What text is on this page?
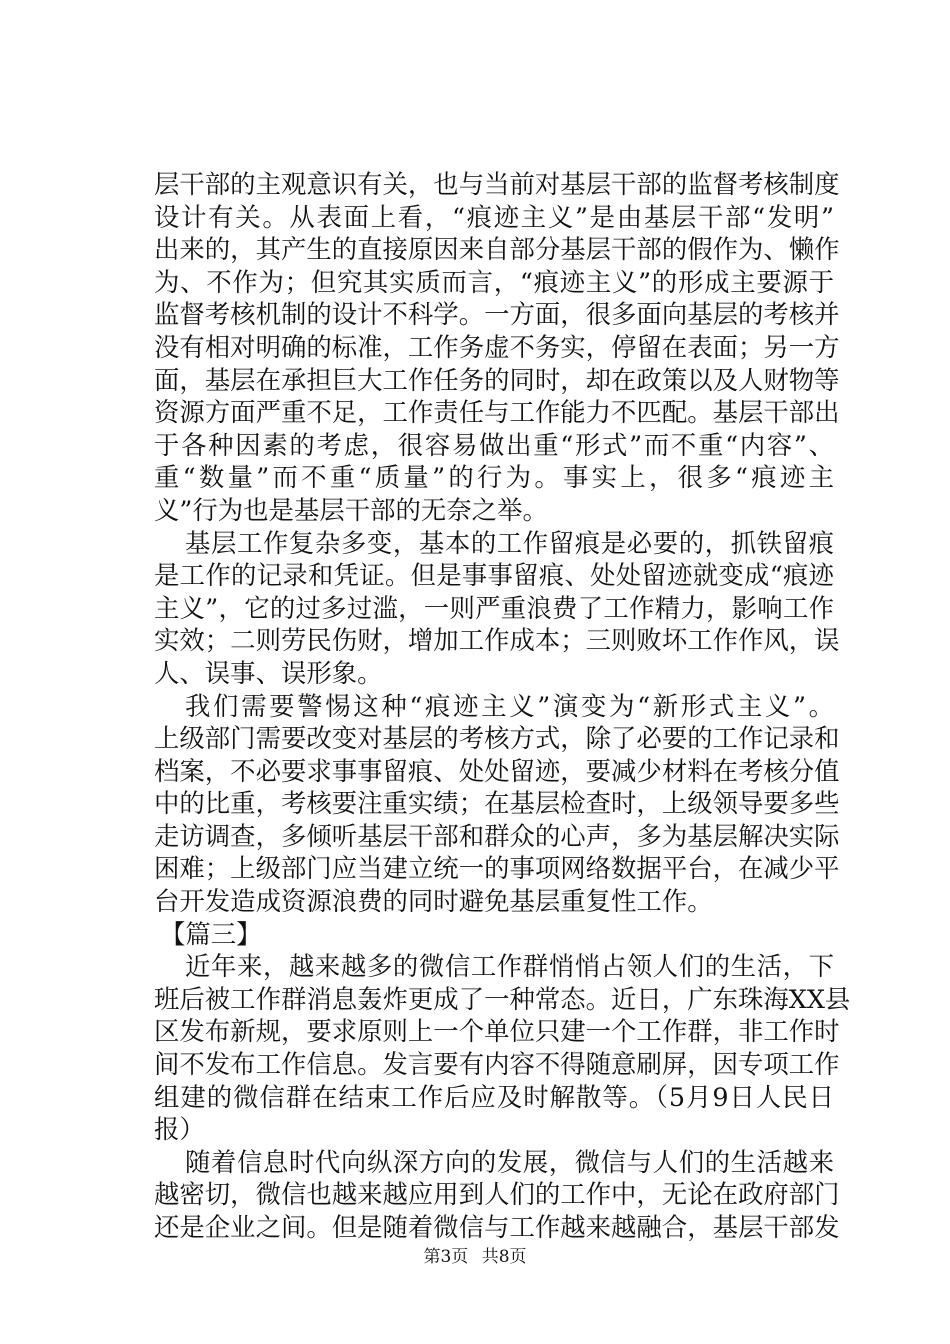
层干部的主观意识有关，也与当前对基层干部的监督考核制度
设计有关。从表面上看，“痕迹主义”是由基层干部“发明”
出来的，其产生的直接原因来自部分基层干部的假作为、懒作
为、不作为；但究其实质而言，“痕迹主义”的形成主要源于
监督考核机制的设计不科学。一方面，很多面向基层的考核并
没有相对明确的标准，工作务虚不务实，停留在表面；另一方
面，基层在承担巨大工作任务的同时，却在政策以及人财物等
资源方面严重不足，工作责任与工作能力不匹配。基层干部出
于各种因素的考虑，很容易做出重“形式”而不重“内容”、
重“数量”而不重“质量”的行为。事实上，很多“痕迹主
义”行为也是基层干部的无奈之举。
基层工作复杂多变，基本的工作留痕是必要的，抓铁留痕
是工作的记录和凭证。但是事事留痕、处处留迹就变成“痕迹
主义”，它的过多过滥，一则严重浪费了工作精力，影响工作
实效；二则劳民伤财，增加工作成本；三则败坏工作作风，误
人、误事、误形象。
我们需要警惕这种“痕迹主义”演变为“新形式主义”。
上级部门需要改变对基层的考核方式，除了必要的工作记录和
档案，不必要求事事留痕、处处留迹，要减少材料在考核分值
中的比重，考核要注重实绩；在基层检查时，上级领导要多些
走访调查，多倾听基层干部和群众的心声，多为基层解决实际
困难；上级部门应当建立统一的事项网络数据平台，在减少平
台开发造成资源浪费的同时避免基层重复性工作。
【篇三】
近年来，越来越多的微信工作群悄悄占领人们的生活，下
班后被工作群消息轰炸更成了一种常态。近日，广东珠海XX县
区发布新规，要求原则上一个单位只建一个工作群，非工作时
间不发布工作信息。发言要有内容不得随意刷屏，因专项工作
组建的微信群在结束工作后应及时解散等。（5月9日人民日
报）
随着信息时代向纵深方向的发展，微信与人们的生活越来
越密切，微信也越来越应用到人们的工作中，无论在政府部门
还是企业之间。但是随着微信与工作越来越融合，基层干部发
第3页 共8页
